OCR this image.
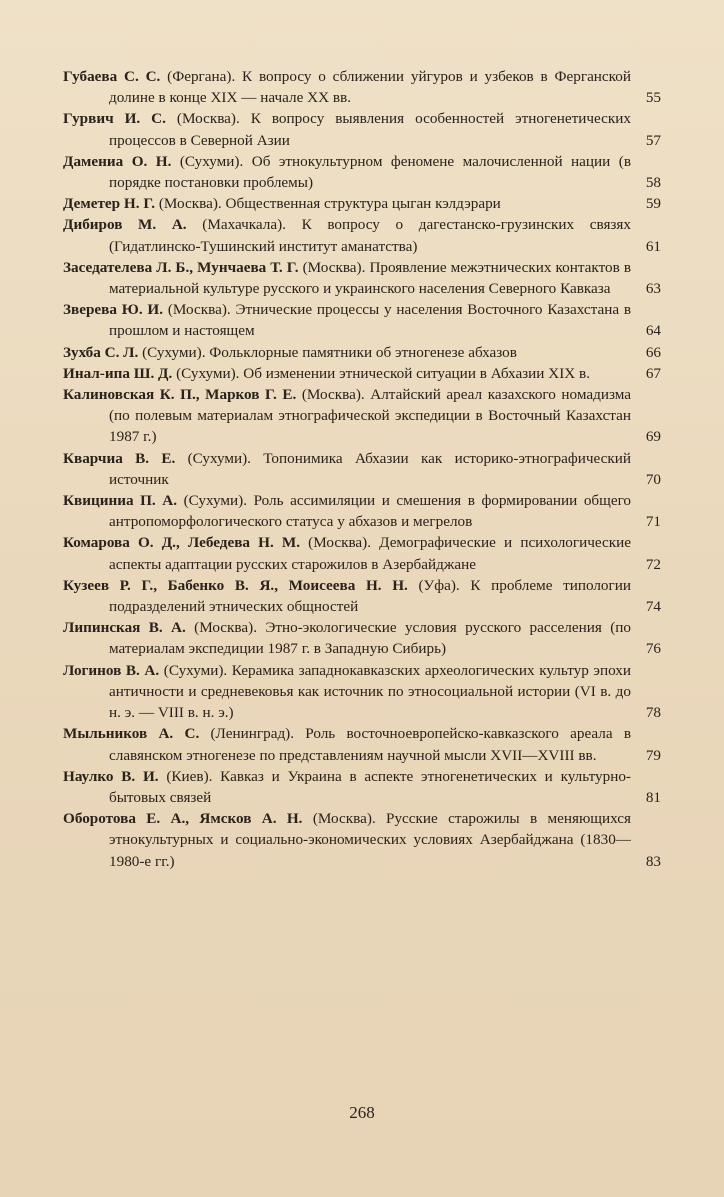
Губаева С. С. (Фергана). К вопросу о сближении уйгуров и узбеков в Ферганской долине в конце XIX — начале XX вв.	55
Гурвич И. С. (Москва). К вопросу выявления особенностей этногенетических процессов в Северной Азии	57
Дамениа О. Н. (Сухуми). Об этнокультурном феномене малочисленной нации (в порядке постановки проблемы)	58
Деметер Н. Г. (Москва). Общественная структура цыган кэлдэрари	59
Дибиров М. А. (Махачкала). К вопросу о дагестанско-грузинских связях (Гидатлинско-Тушинский институт аманатства)	61
Заседателева Л. Б., Мунчаева Т. Г. (Москва). Проявление межэтнических контактов в материальной культуре русского и украинского населения Северного Кавказа	63
Зверева Ю. И. (Москва). Этнические процессы у населения Восточного Казахстана в прошлом и настоящем	64
Зухба С. Л. (Сухуми). Фольклорные памятники об этногенезе абхазов	66
Инал-ипа Ш. Д. (Сухуми). Об изменении этнической ситуации в Абхазии XIX в.	67
Калиновская К. П., Марков Г. Е. (Москва). Алтайский ареал казахского номадизма (по полевым материалам этнографической экспедиции в Восточный Казахстан 1987 г.)	69
Кварчиа В. Е. (Сухуми). Топонимика Абхазии как историко-этнографический источник	70
Квициниа П. А. (Сухуми). Роль ассимиляции и смешения в формировании общего антропоморфологического статуса у абхазов и мегрелов	71
Комарова О. Д., Лебедева Н. М. (Москва). Демографические и психологические аспекты адаптации русских старожилов в Азербайджане	72
Кузеев Р. Г., Бабенко В. Я., Моисеева Н. Н. (Уфа). К проблеме типологии подразделений этнических общностей	74
Липинская В. А. (Москва). Этно-экологические условия русского расселения (по материалам экспедиции 1987 г. в Западную Сибирь)	76
Логинов В. А. (Сухуми). Керамика западнокавказских археологических культур эпохи античности и средневековья как источник по этносоциальной истории (VI в. до н. э. — VIII в. н. э.)	78
Мыльников А. С. (Ленинград). Роль восточноевропейско-кавказского ареала в славянском этногенезе по представлениям научной мысли XVII—XVIII вв.	79
Наулко В. И. (Киев). Кавказ и Украина в аспекте этногенетических и культурно-бытовых связей	81
Оборотова Е. А., Ямсков А. Н. (Москва). Русские старожилы в меняющихся этнокультурных и социально-экономических условиях Азербайджана (1830—1980-е гг.)	83
268
